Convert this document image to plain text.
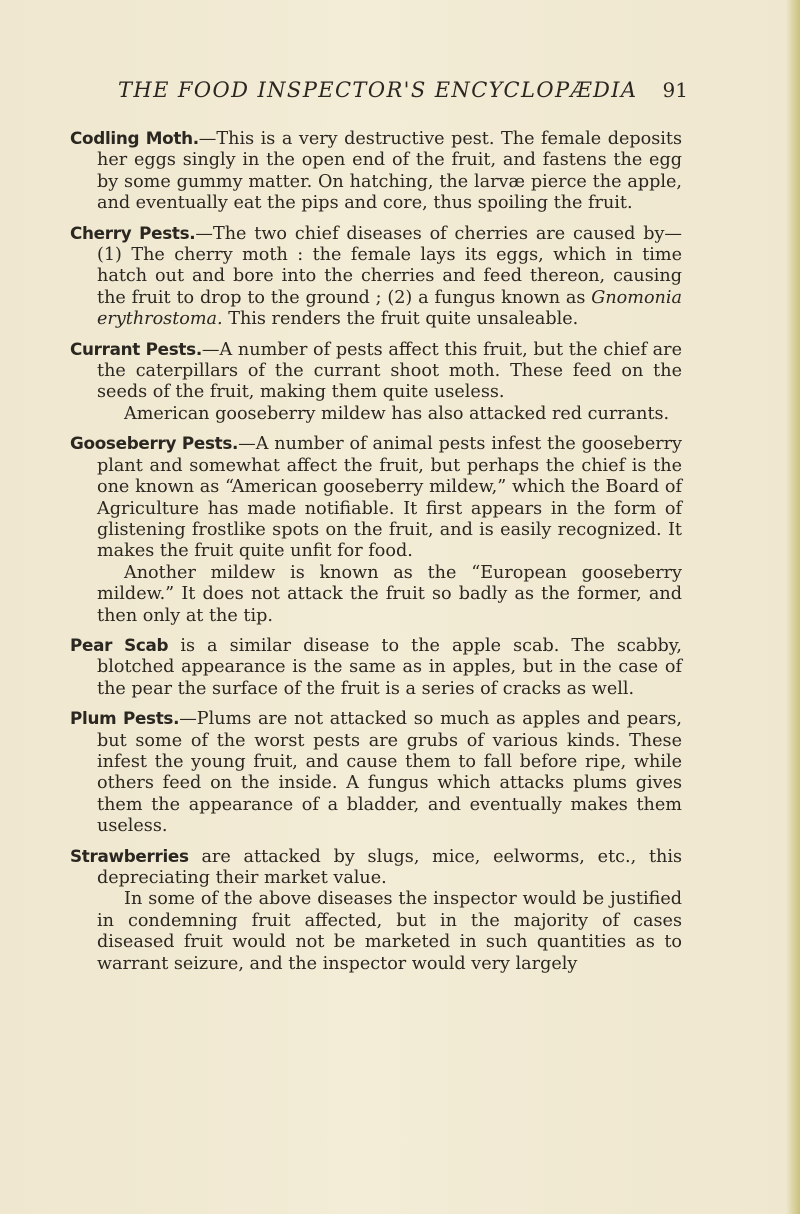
THE FOOD INSPECTOR'S ENCYCLOPÆDIA 91

Codling Moth.—This is a very destructive pest. The female deposits her eggs singly in the open end of the fruit, and fastens the egg by some gummy matter. On hatching, the larvæ pierce the apple, and eventually eat the pips and core, thus spoiling the fruit.

Cherry Pests.—The two chief diseases of cherries are caused by— (1) The cherry moth : the female lays its eggs, which in time hatch out and bore into the cherries and feed thereon, causing the fruit to drop to the ground ; (2) a fungus known as Gnomonia erythrostoma. This renders the fruit quite unsaleable.

Currant Pests.—A number of pests affect this fruit, but the chief are the caterpillars of the currant shoot moth. These feed on the seeds of the fruit, making them quite useless.

American gooseberry mildew has also attacked red currants.

Gooseberry Pests.—A number of animal pests infest the gooseberry plant and somewhat affect the fruit, but perhaps the chief is the one known as “American gooseberry mildew,” which the Board of Agriculture has made notifiable. It first appears in the form of glistening frostlike spots on the fruit, and is easily recognized. It makes the fruit quite unfit for food.

Another mildew is known as the “European gooseberry mildew.” It does not attack the fruit so badly as the former, and then only at the tip.

Pear Scab is a similar disease to the apple scab. The scabby, blotched appearance is the same as in apples, but in the case of the pear the surface of the fruit is a series of cracks as well.

Plum Pests.—Plums are not attacked so much as apples and pears, but some of the worst pests are grubs of various kinds. These infest the young fruit, and cause them to fall before ripe, while others feed on the inside. A fungus which attacks plums gives them the appearance of a bladder, and eventually makes them useless.

Strawberries are attacked by slugs, mice, eelworms, etc., this depreciating their market value.

In some of the above diseases the inspector would be justified in condemning fruit affected, but in the majority of cases diseased fruit would not be marketed in such quantities as to warrant seizure, and the inspector would very largely
